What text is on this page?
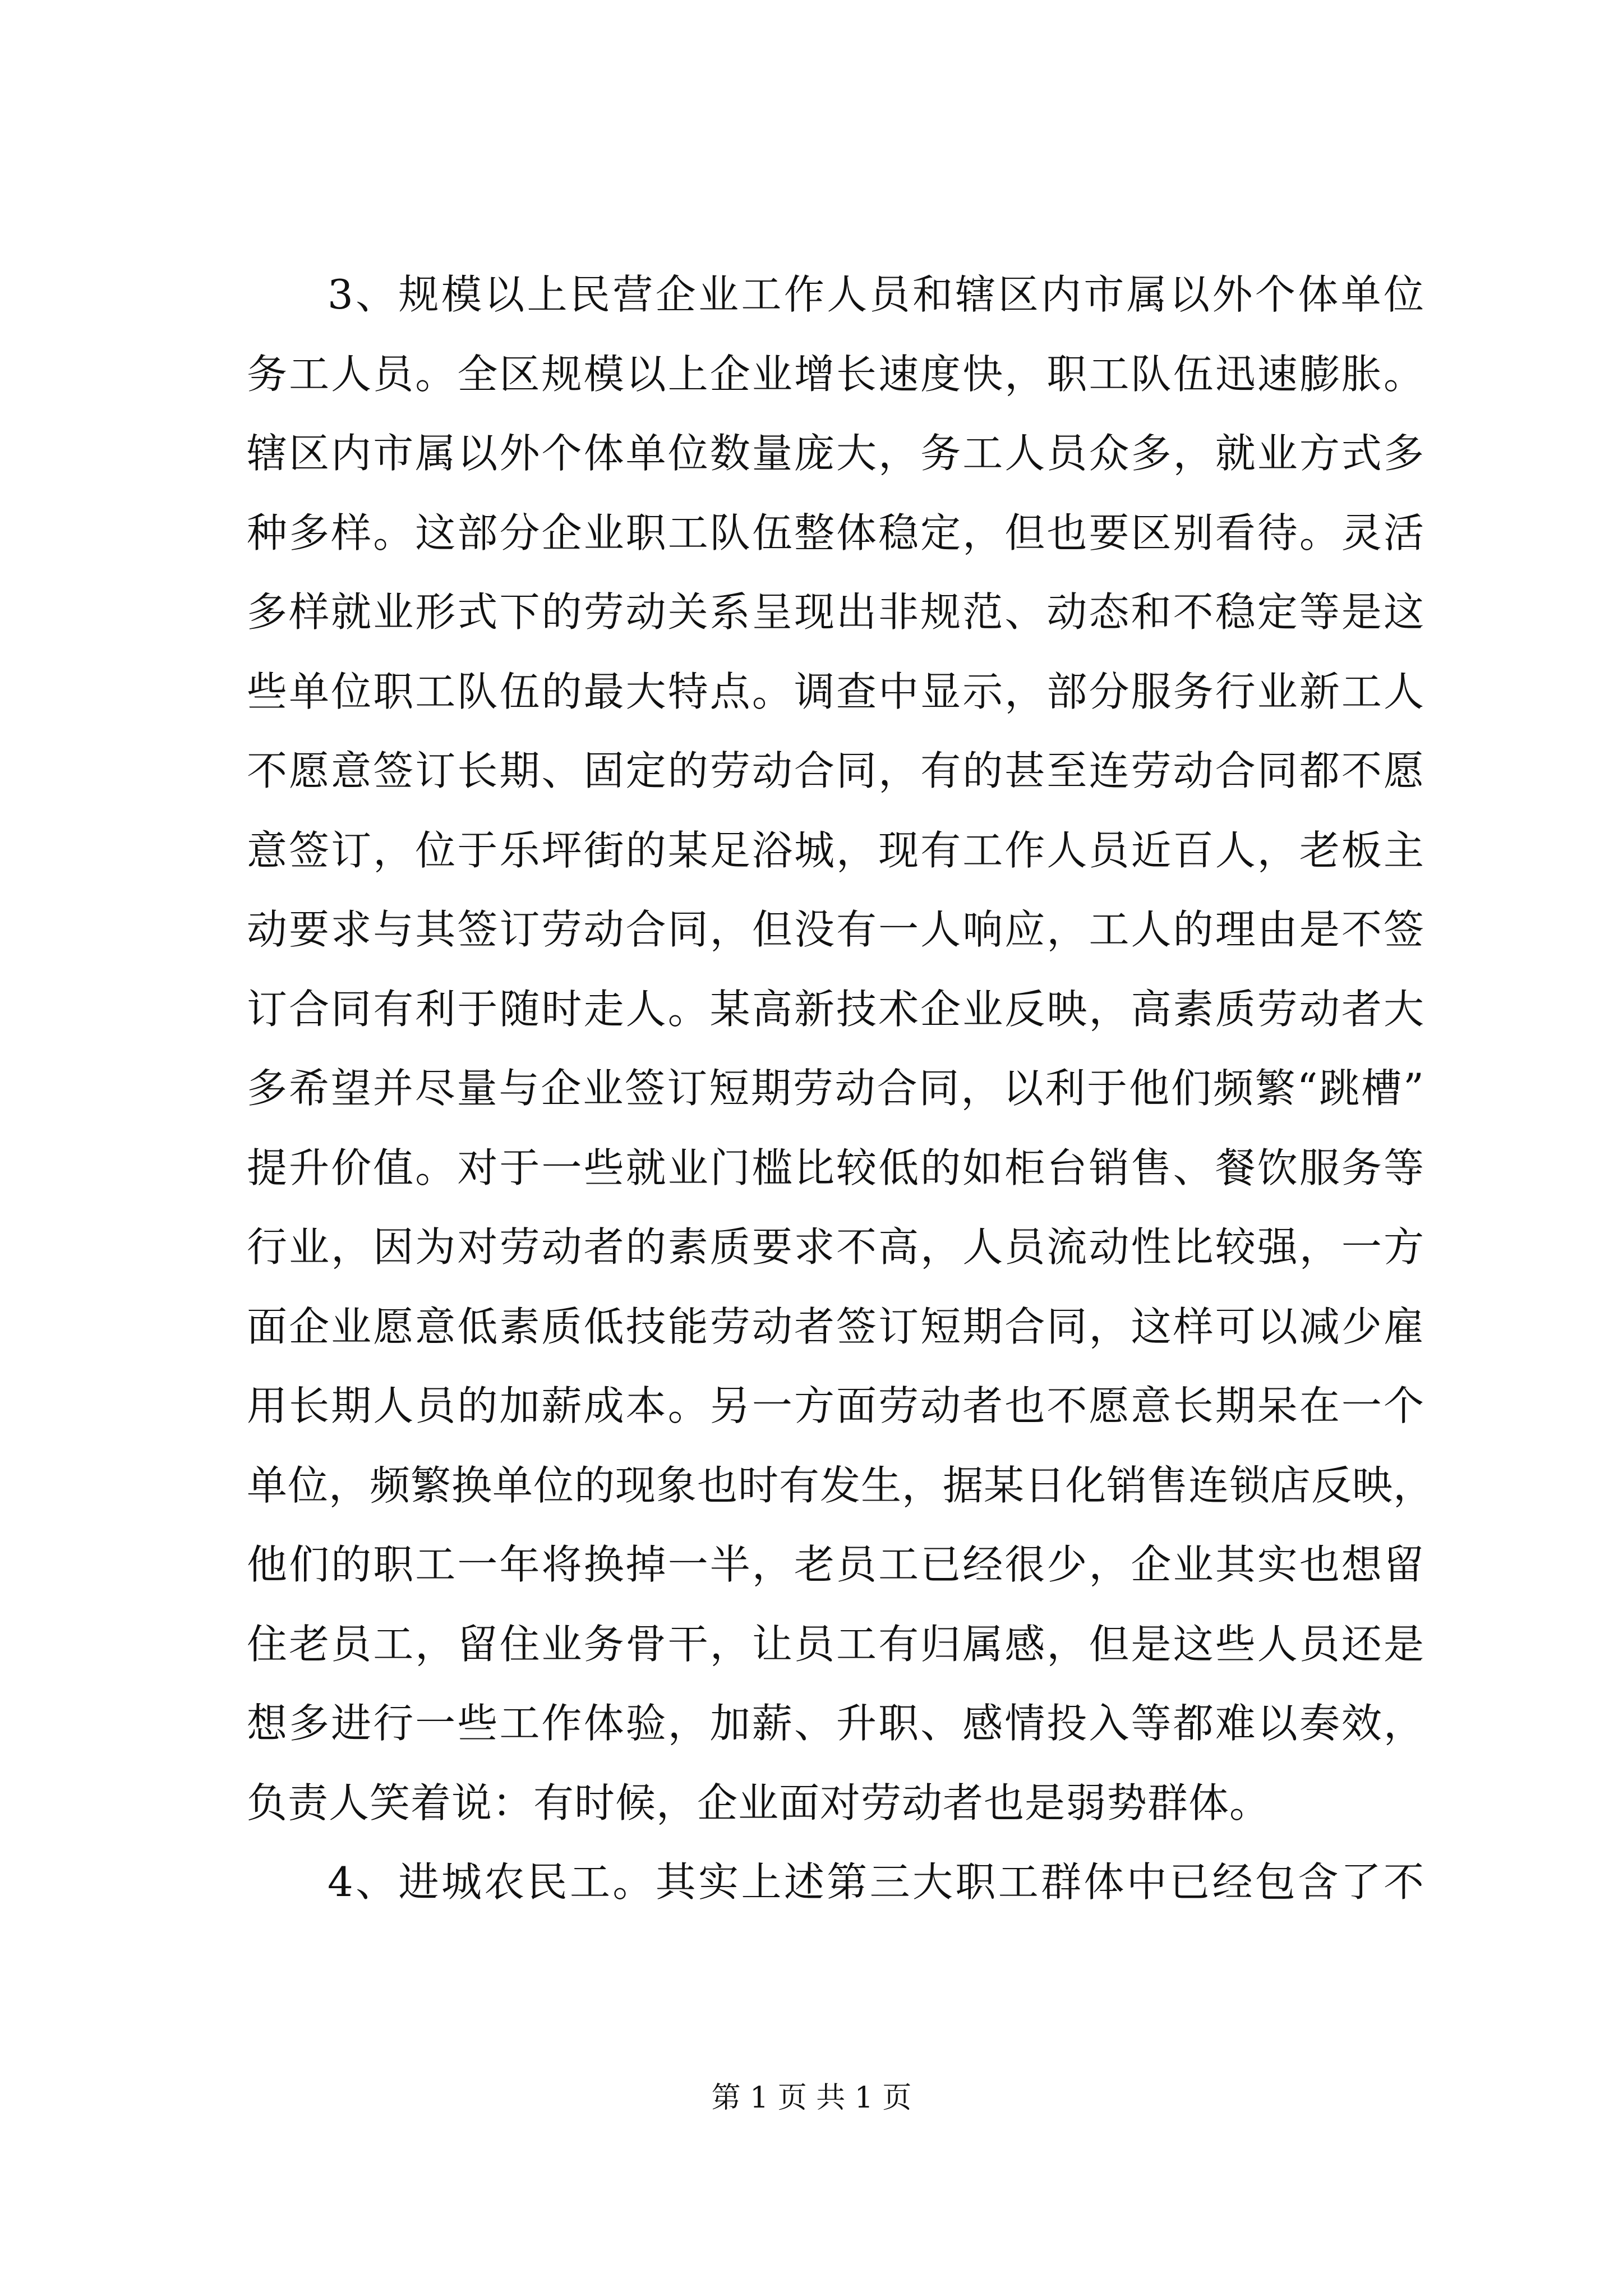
3、规模以上民营企业工作人员和辖区内市属以外个体单位
务工人员。全区规模以上企业增长速度快，职工队伍迅速膨胀。
辖区内市属以外个体单位数量庞大，务工人员众多，就业方式多
种多样。这部分企业职工队伍整体稳定，但也要区别看待。灵活
多样就业形式下的劳动关系呈现出非规范、动态和不稳定等是这
些单位职工队伍的最大特点。调查中显示，部分服务行业新工人
不愿意签订长期、固定的劳动合同，有的甚至连劳动合同都不愿
意签订，位于乐坪街的某足浴城，现有工作人员近百人，老板主
动要求与其签订劳动合同，但没有一人响应，工人的理由是不签
订合同有利于随时走人。某高新技术企业反映，高素质劳动者大
多希望并尽量与企业签订短期劳动合同，以利于他们频繁“跳槽”
提升价值。对于一些就业门槛比较低的如柜台销售、餐饮服务等
行业，因为对劳动者的素质要求不高，人员流动性比较强，一方
面企业愿意低素质低技能劳动者签订短期合同，这样可以减少雇
用长期人员的加薪成本。另一方面劳动者也不愿意长期呆在一个
单位，频繁换单位的现象也时有发生，据某日化销售连锁店反映，
他们的职工一年将换掉一半，老员工已经很少，企业其实也想留
住老员工，留住业务骨干，让员工有归属感，但是这些人员还是
想多进行一些工作体验，加薪、升职、感情投入等都难以奏效，
负责人笑着说：有时候，企业面对劳动者也是弱势群体。
4、进城农民工。其实上述第三大职工群体中已经包含了不
第 1 页 共 1 页
